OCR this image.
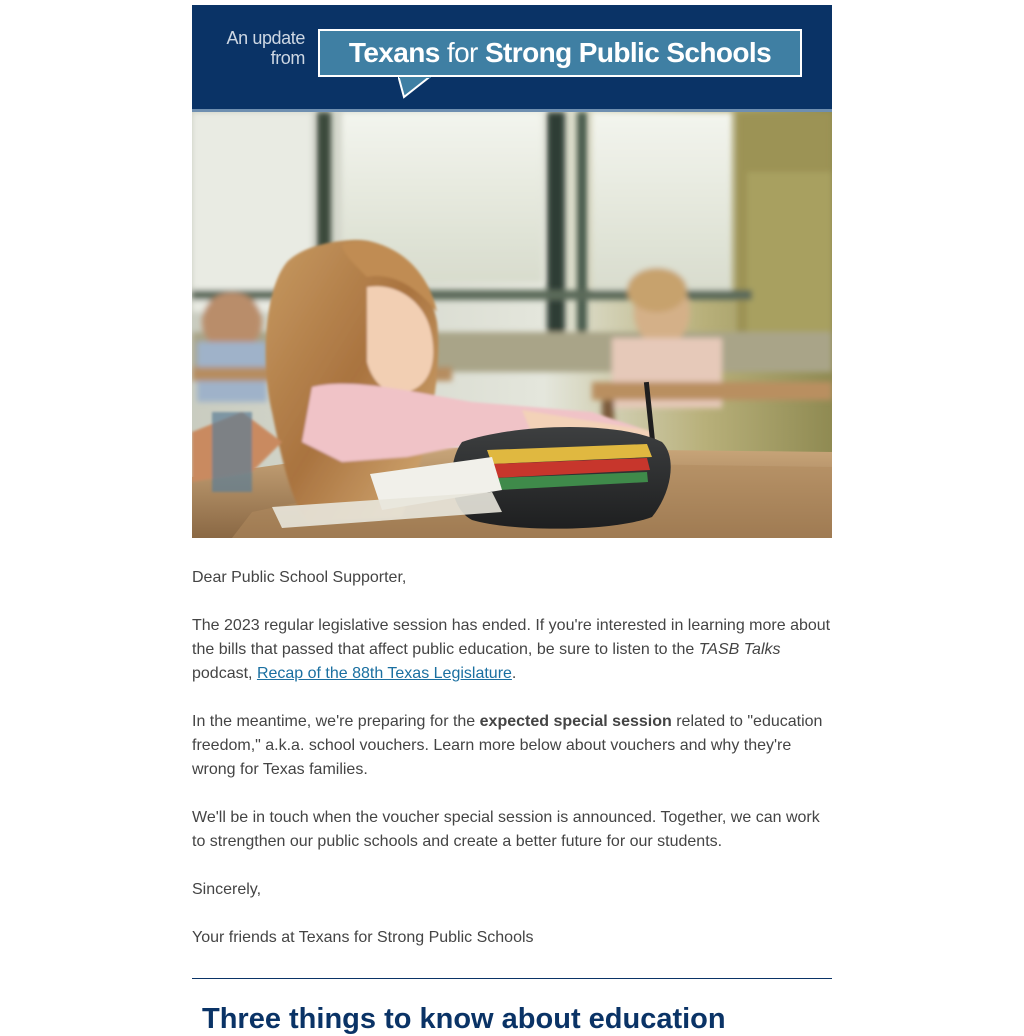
An update
from	Texans for Strong Public Schools

Dear Public School Supporter,

The 2023 regular legislative session has ended. If you're interested in learning more about the bills that passed that affect public education, be sure to listen to the TASB Talks podcast, Recap of the 88th Texas Legislature.

In the meantime, we're preparing for the expected special session related to "education freedom," a.k.a. school vouchers. Learn more below about vouchers and why they're wrong for Texas families.

We'll be in touch when the voucher special session is announced. Together, we can work to strengthen our public schools and create a better future for our students.

Sincerely,

Your friends at Texans for Strong Public Schools

Three things to know about education
